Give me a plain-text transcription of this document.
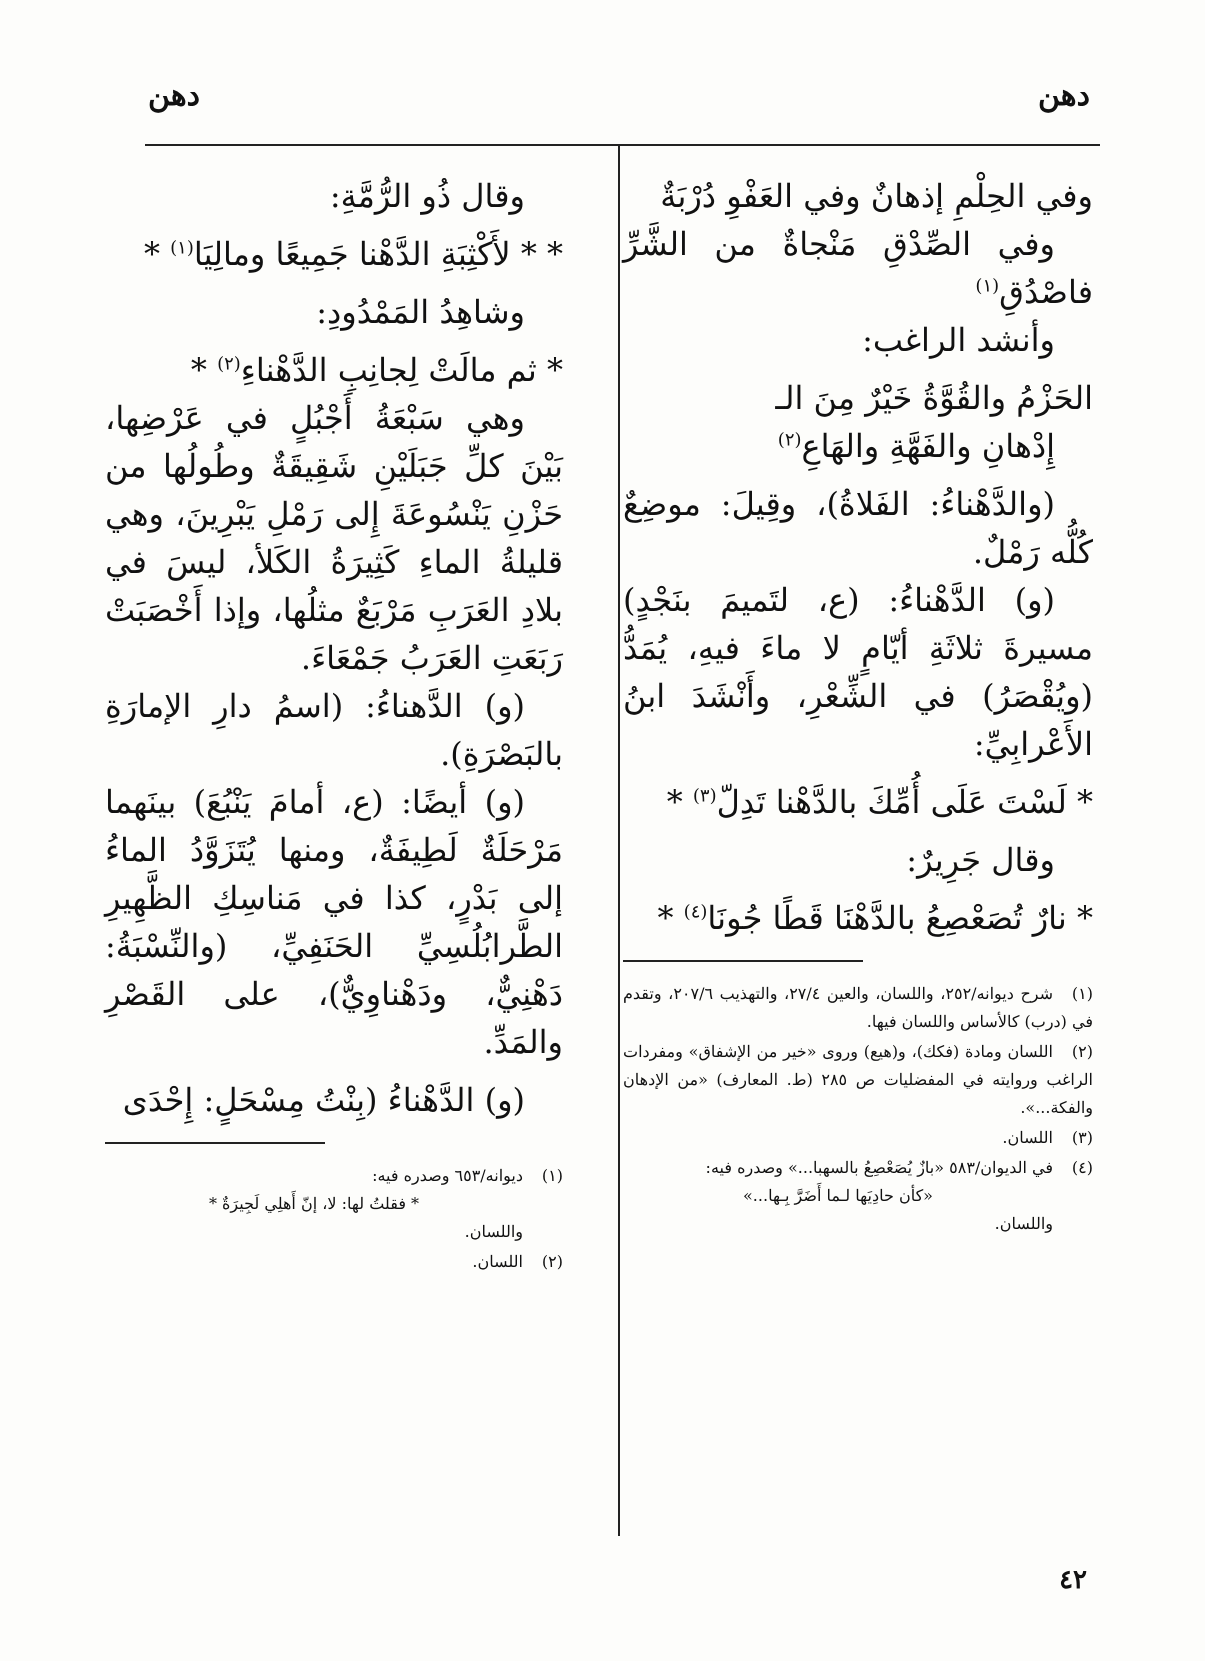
دهن
دهن

وفي الحِلْمِ إذهانٌ وفي العَفْوِ دُرْبَةٌ

وفي الصِّدْقِ مَنْجاةٌ من الشَّرِّ فاصْدُقِ$^{(١)}$

وأنشد الراغب:

الحَزْمُ والقُوَّةُ خَيْرٌ مِنَ الـ

إِدْهانِ والفَهَّةِ والهَاعِ$^{(٢)}$

(والدَّهْناءُ: الفَلاةُ)، وقِيلَ: موضِعٌ كُلُّه رَمْلٌ.

(و) الدَّهْناءُ: (ع، لتَميمَ بنَجْدٍ) مسيرةَ ثلاثَةِ أيّامٍ لا ماءَ فيهِ، يُمَدُّ (ويُقْصَرُ) في الشِّعْرِ، وأَنْشَدَ ابنُ الأَعْرابِيِّ:

* لَسْتَ عَلَى أُمِّكَ بالدَّهْنا تَدِلّ$^{(٣)}$ *

وقال جَرِيرٌ:

* نارٌ تُصَعْصِعُ بالدَّهْنَا قَطًا جُونَا$^{(٤)}$ *

(١)شرح ديوانه/٢٥٢، واللسان، والعين ٢٧/٤، والتهذيب ٢٠٧/٦، وتقدم في (درب) كالأساس واللسان فيها.
(٢)اللسان ومادة (فكك)، و(هيع) وروى «خير من الإشفاق» ومفردات الراغب وروايته في المفضليات ص ٢٨٥ (ط. المعارف) «من الإدهان والفكة...».
(٣)اللسان.
(٤)في الديوان/٥٨٣ «بازٌ يُصَعْصِعُ بالسهبا...» وصدره فيه:
«كأن حادِيَها لـما أَضَرَّ بِـها...»
واللسان.

وقال ذُو الرُّمَّةِ:

* * لأَكْثِبَةِ الدَّهْنا جَمِيعًا ومالِيَا$^{(١)}$ *

وشاهِدُ المَمْدُودِ:

* ثم مالَتْ لِجانِبِ الدَّهْناءِ$^{(٢)}$ *

وهي سَبْعَةُ أَجْبُلٍ في عَرْضِها، بَيْنَ كلِّ جَبَلَيْنِ شَقِيقَةٌ وطُولُها من حَزْنِ يَنْسُوعَةَ إِلى رَمْلِ يَبْرِينَ، وهي قليلةُ الماءِ كَثِيرَةُ الكَلأ، ليسَ في بلادِ العَرَبِ مَرْبَعٌ مثلُها، وإذا أَخْصَبَتْ رَبَعَتِ العَرَبُ جَمْعَاءَ.

(و) الدَّهناءُ: (اسمُ دارِ الإمارَةِ بالبَصْرَةِ).

(و) أيضًا: (ع، أمامَ يَنْبُعَ) بينَهما مَرْحَلَةٌ لَطِيفَةٌ، ومنها يُتَزَوَّدُ الماءُ إلى بَدْرٍ، كذا في مَناسِكِ الظَّهِيرِ الطَّرابُلُسِيِّ الحَنَفِيِّ، (والنِّسْبَةُ: دَهْنِيٌّ، ودَهْناوِيٌّ)، على القَصْرِ والمَدِّ.

(و) الدَّهْناءُ (بِنْتُ مِسْحَلٍ: إِحْدَى

(١)ديوانه/٦٥٣ وصدره فيه:
* فقلتُ لها: لا، إنّ أَهلِي لَجِيرَةٌ *
واللسان.
(٢)اللسان.
٤٢
